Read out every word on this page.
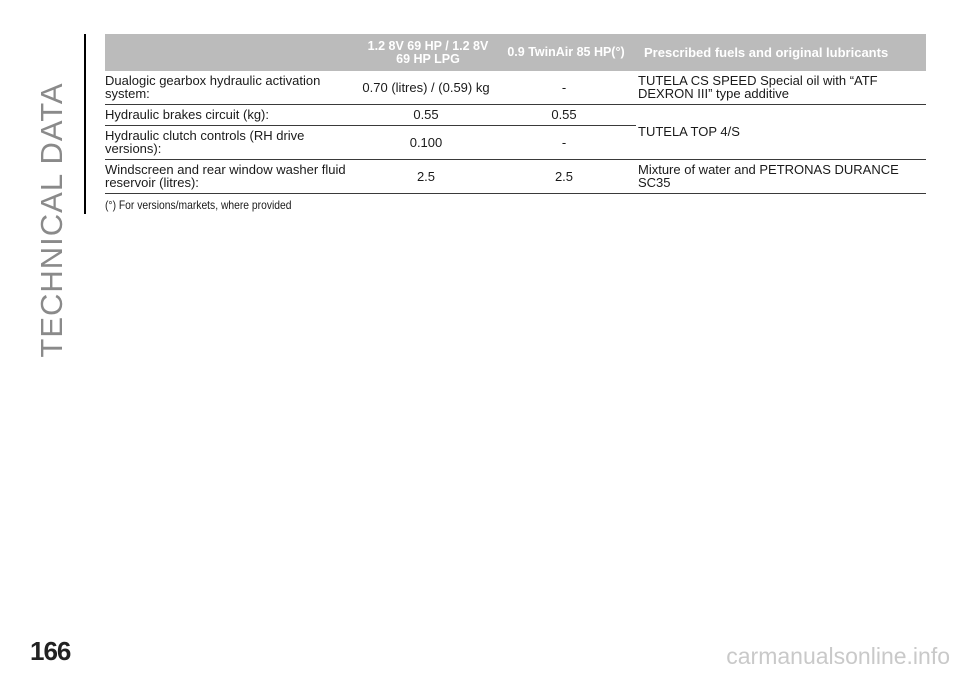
TECHNICAL DATA
	1.2 8V 69 HP / 1.2 8V 69 HP LPG	0.9 TwinAir 85 HP(°)	Prescribed fuels and original lubricants
Dualogic gearbox hydraulic activation system:	0.70 (litres) / (0.59) kg	-	TUTELA CS SPEED Special oil with “ATF DEXRON III” type additive
Hydraulic brakes circuit (kg):	0.55	0.55	TUTELA TOP 4/S
Hydraulic clutch controls (RH drive versions):	0.100	-	
Windscreen and rear window washer fluid reservoir (litres):	2.5	2.5	Mixture of water and PETRONAS DURANCE SC35
(°) For versions/markets, where provided
166	carmanualsonline.info
